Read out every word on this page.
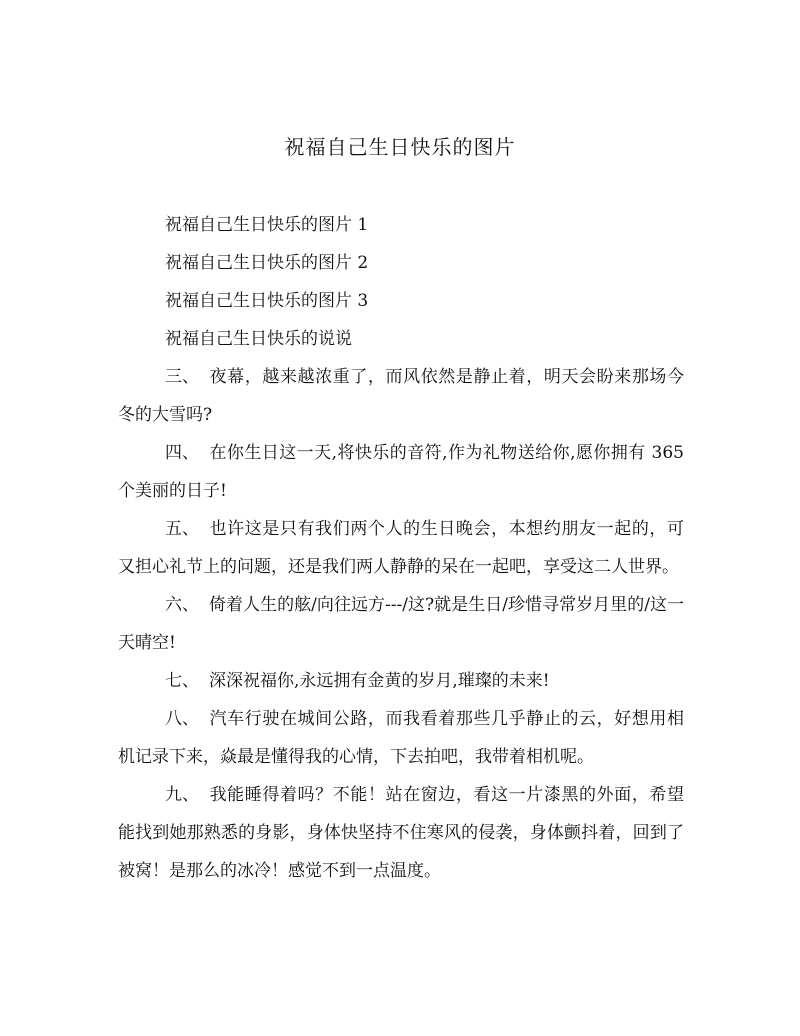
祝福自己生日快乐的图片
祝福自己生日快乐的图片 1
祝福自己生日快乐的图片 2
祝福自己生日快乐的图片 3
祝福自己生日快乐的说说

三、 夜幕，越来越浓重了，而风依然是静止着，明天会盼来那场今冬的大雪吗?

四、 在你生日这一天,将快乐的音符,作为礼物送给你,愿你拥有 365 个美丽的日子!

五、 也许这是只有我们两个人的生日晚会，本想约朋友一起的，可又担心礼节上的问题，还是我们两人静静的呆在一起吧，享受这二人世界。

六、 倚着人生的舷/向往远方---/这?就是生日/珍惜寻常岁月里的/这一天晴空!

七、 深深祝福你,永远拥有金黄的岁月,璀璨的未来!

八、 汽车行驶在城间公路，而我看着那些几乎静止的云，好想用相机记录下来，焱最是懂得我的心情，下去拍吧，我带着相机呢。

九、 我能睡得着吗？不能！站在窗边，看这一片漆黑的外面，希望能找到她那熟悉的身影，身体快坚持不住寒风的侵袭，身体颤抖着，回到了被窝！是那么的冰冷！感觉不到一点温度。
